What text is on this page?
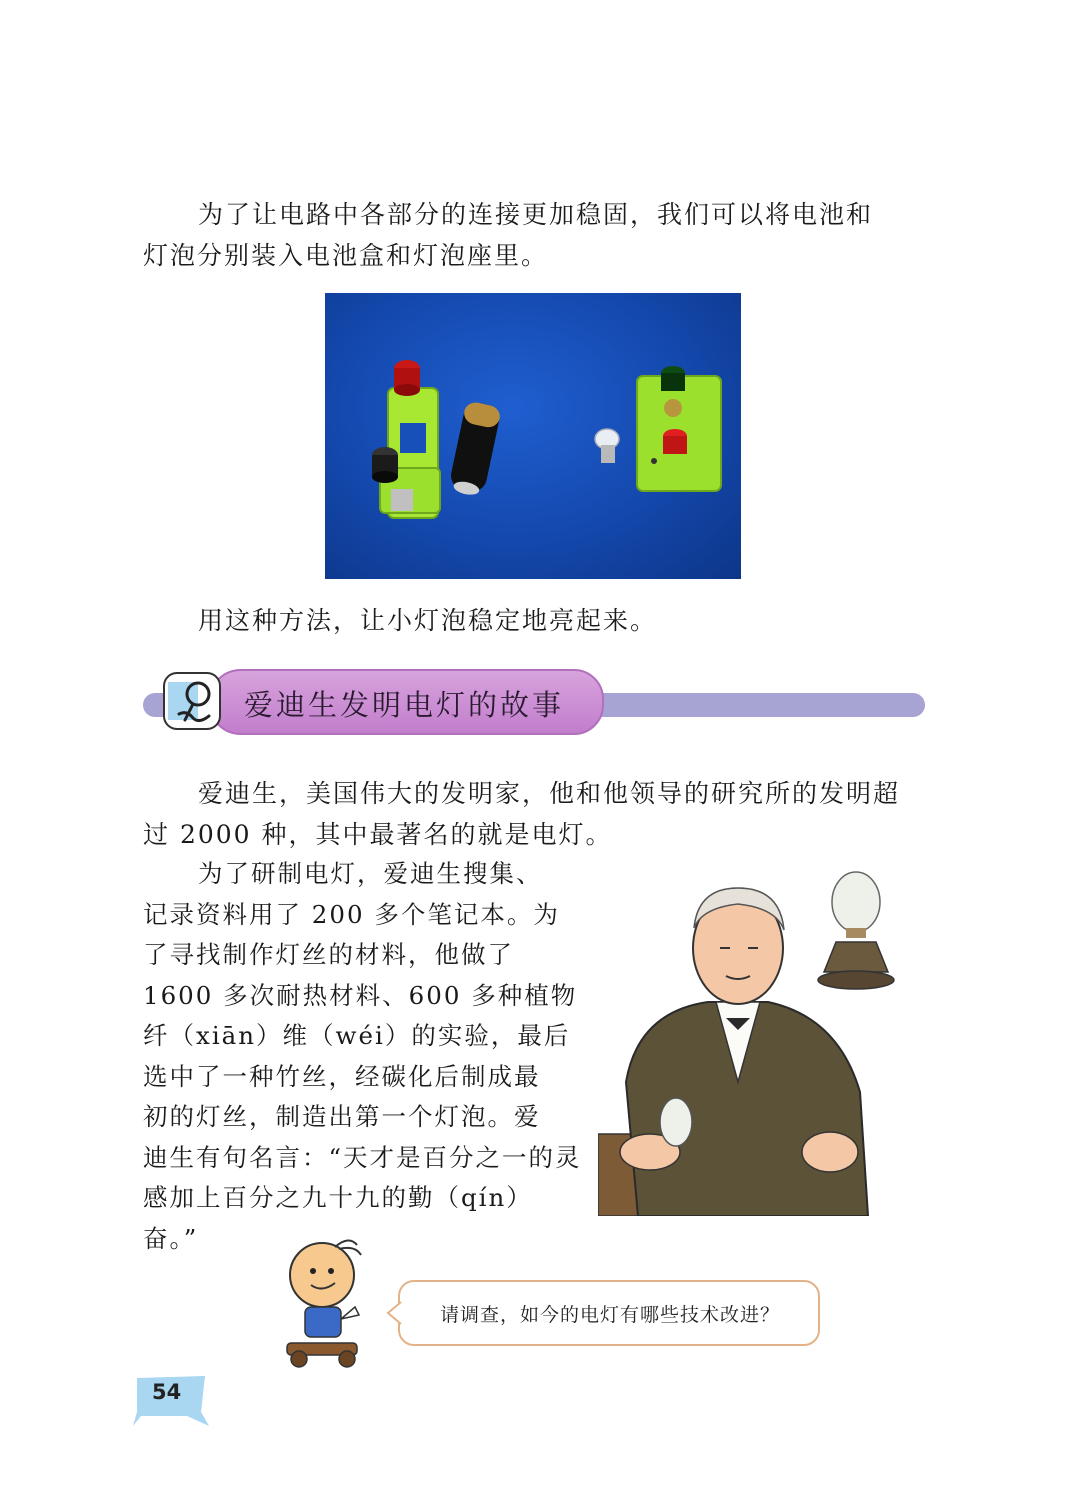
为了让电路中各部分的连接更加稳固，我们可以将电池和
灯泡分别装入电池盒和灯泡座里。

用这种方法，让小灯泡稳定地亮起来。

爱迪生发明电灯的故事

爱迪生，美国伟大的发明家，他和他领导的研究所的发明超
过 2000 种，其中最著名的就是电灯。

为了研制电灯，爱迪生搜集、
记录资料用了 200 多个笔记本。为
了寻找制作灯丝的材料，他做了
1600 多次耐热材料、600 多种植物
纤（xiān）维（wéi）的实验，最后
选中了一种竹丝，经碳化后制成最
初的灯丝，制造出第一个灯泡。爱
迪生有句名言：“天才是百分之一的灵
感加上百分之九十九的勤（qín）奋。”
请调查，如今的电灯有哪些技术改进？
54
